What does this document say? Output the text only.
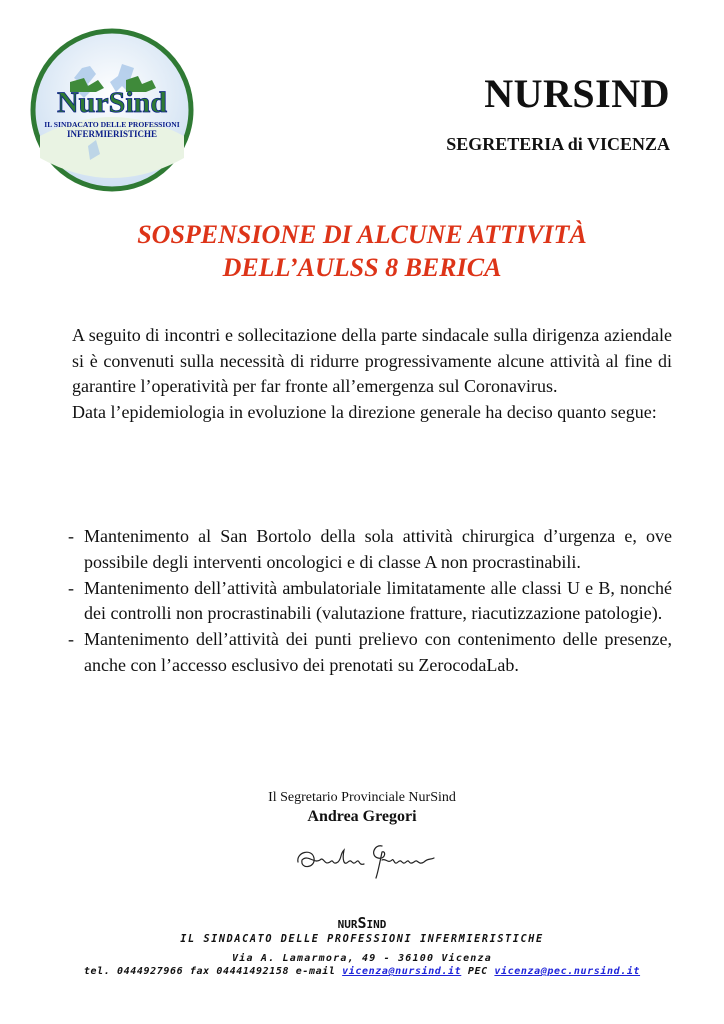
NurSind
IL SINDACATO DELLE PROFESSIONI
INFERMIERISTICHE
NURSIND
SEGRETERIA di VICENZA
SOSPENSIONE DI ALCUNE ATTIVITÀ
DELL’AULSS 8 BERICA

A seguito di incontri e sollecitazione della parte sindacale sulla dirigenza aziendale si è convenuti sulla necessità di ridurre progressivamente alcune attività al fine di garantire l’operatività per far fronte all’emergenza sul Coronavirus.

Data l’epidemiologia in evoluzione la direzione generale ha deciso quanto segue:

- Mantenimento al San Bortolo della sola attività chirurgica d’urgenza e, ove possibile degli interventi oncologici e di classe A non procrastinabili.
- Mantenimento dell’attività ambulatoriale limitatamente alle classi U e B, nonché dei controlli non procrastinabili (valutazione fratture, riacutizzazione patologie).
- Mantenimento dell’attività dei punti prelievo con contenimento delle presenze, anche con l’accesso esclusivo dei prenotati su ZerocodaLab.
Il Segretario Provinciale NurSind
Andrea Gregori
NURSIND
IL SINDACATO DELLE PROFESSIONI INFERMIERISTICHE
Via A. Lamarmora, 49 - 36100 Vicenza
tel. 0444927966 fax 04441492158 e-mail vicenza@nursind.it PEC vicenza@pec.nursind.it
